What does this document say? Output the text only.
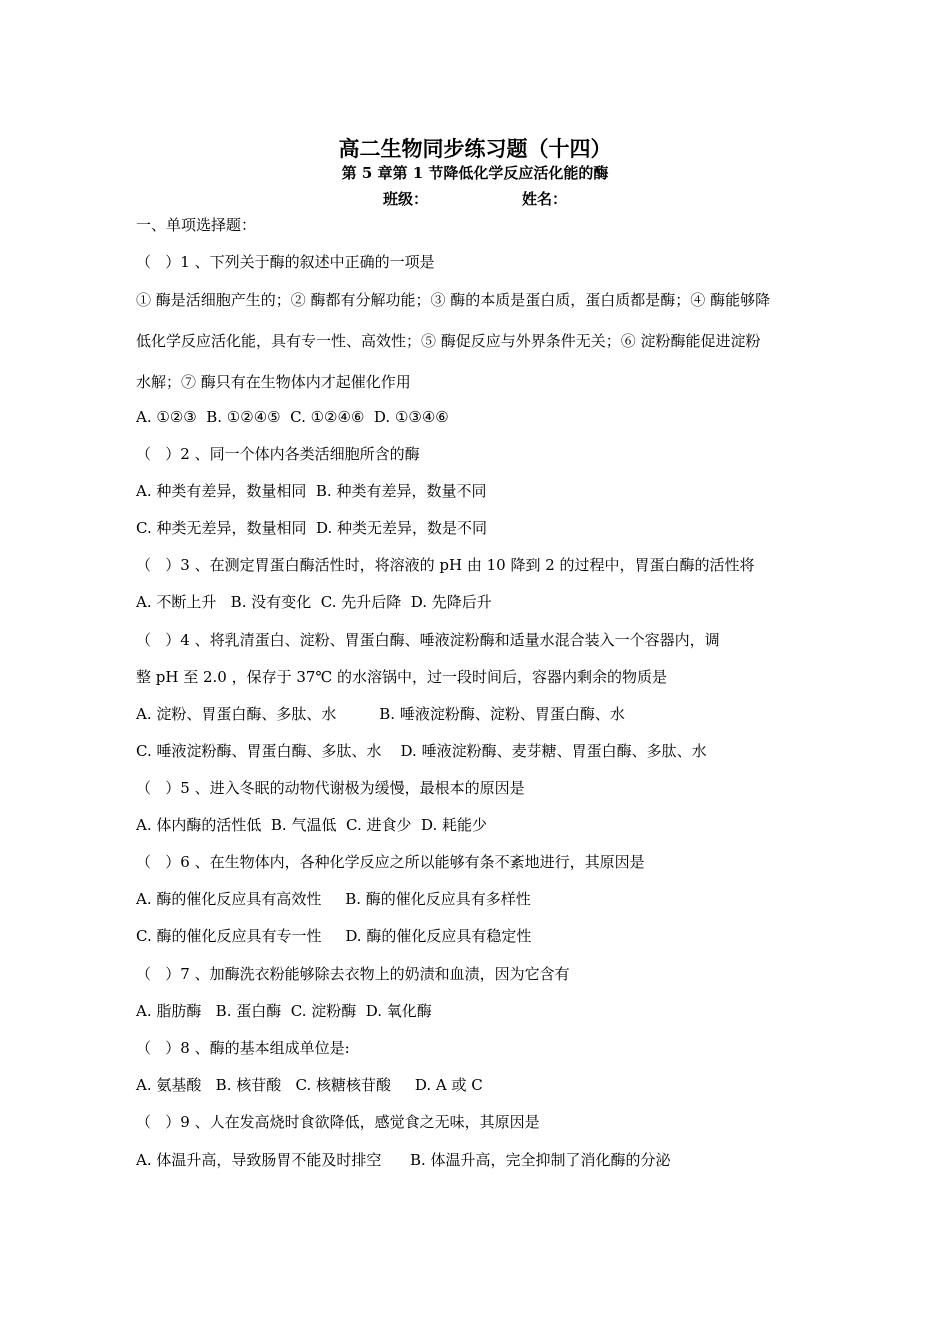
高二生物同步练习题（十四）
第 5 章第 1 节降低化学反应活化能的酶
班级：                  姓名：
一、单项选择题：
（   ）1 、下列关于酶的叙述中正确的一项是
① 酶是活细胞产生的；② 酶都有分解功能；③ 酶的本质是蛋白质，蛋白质都是酶；④ 酶能够降
低化学反应活化能，具有专一性、高效性；⑤ 酶促反应与外界条件无关；⑥ 淀粉酶能促进淀粉
水解；⑦ 酶只有在生物体内才起催化作用
A. ①②③  B. ①②④⑤  C. ①②④⑥  D. ①③④⑥
（   ）2 、同一个体内各类活细胞所含的酶
A. 种类有差异，数量相同  B. 种类有差异，数量不同
C. 种类无差异，数量相同  D. 种类无差异，数是不同
（   ）3 、在测定胃蛋白酶活性时，将溶液的 pH 由 10 降到 2 的过程中，胃蛋白酶的活性将
A. 不断上升   B. 没有变化  C. 先升后降  D. 先降后升
（   ）4 、将乳清蛋白、淀粉、胃蛋白酶、唾液淀粉酶和适量水混合装入一个容器内，调
整 pH 至 2.0 ，保存于 37℃ 的水溶锅中，过一段时间后，容器内剩余的物质是
A. 淀粉、胃蛋白酶、多肽、水         B. 唾液淀粉酶、淀粉、胃蛋白酶、水
C. 唾液淀粉酶、胃蛋白酶、多肽、水    D. 唾液淀粉酶、麦芽糖、胃蛋白酶、多肽、水
（   ）5 、进入冬眠的动物代谢极为缓慢，最根本的原因是
A. 体内酶的活性低  B. 气温低  C. 进食少  D. 耗能少
（   ）6 、在生物体内，各种化学反应之所以能够有条不紊地进行，其原因是
A. 酶的催化反应具有高效性     B. 酶的催化反应具有多样性
C. 酶的催化反应具有专一性     D. 酶的催化反应具有稳定性
（   ）7 、加酶洗衣粉能够除去衣物上的奶渍和血渍，因为它含有
A. 脂肪酶   B. 蛋白酶  C. 淀粉酶  D. 氧化酶
（   ）8 、酶的基本组成单位是:
A. 氨基酸   B. 核苷酸   C. 核糖核苷酸     D. A 或 C
（   ）9 、人在发高烧时食欲降低，感觉食之无味，其原因是
A. 体温升高，导致肠胃不能及时排空      B. 体温升高，完全抑制了消化酶的分泌
